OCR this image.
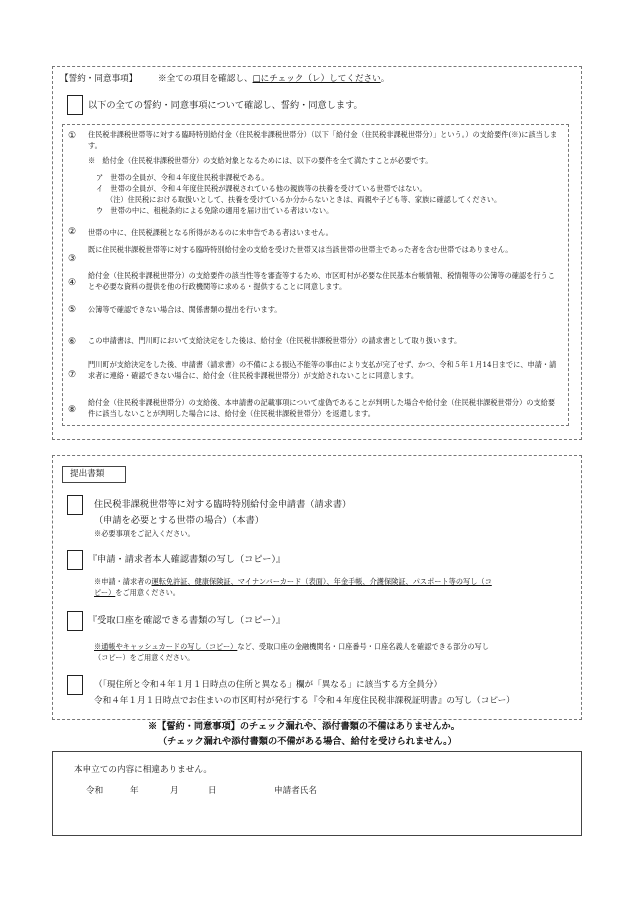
【誓約・同意事項】 ※全ての項目を確認し、□にチェック（レ）してください。
以下の全ての誓約・同意事項について確認し、誓約・同意します。
① 住民税非課税世帯等に対する臨時特別給付金（住民税非課税世帯分）（以下「給付金（住民税非課税世帯分）」という。）の支給要件(※)に該当します。
※　給付金（住民税非課税世帯分）の支給対象となるためには、以下の要件を全て満たすことが必要です。
ア　世帯の全員が、令和４年度住民税非課税である。
イ　世帯の全員が、令和４年度住民税が課税されている他の親族等の扶養を受けている世帯ではない。
（注）住民税における取扱いとして、扶養を受けているか分からないときは、両親や子ども等、家族に確認してください。
ウ　世帯の中に、租税条約による免除の適用を届け出ている者はいない。
② 世帯の中に、住民税課税となる所得があるのに未申告である者はいません。
③
既に住民税非課税世帯等に対する臨時特別給付金の支給を受けた世帯又は当該世帯の世帯主であった者を含む世帯ではありません。
④
給付金（住民税非課税世帯分）の支給要件の該当性等を審査等するため、市区町村が必要な住民基本台帳情報、税情報等の公簿等の確認を行うことや必要な資料の提供を他の行政機関等に求める・提供することに同意します。
⑤ 公簿等で確認できない場合は、関係書類の提出を行います。
⑥ この申請書は、門川町において支給決定をした後は、給付金（住民税非課税世帯分）の請求書として取り扱います。
⑦
門川町が支給決定をした後、申請書（請求書）の不備による振込不能等の事由により支払が完了せず、かつ、令和５年１月14日までに、申請・請求者に連絡・確認できない場合に、給付金（住民税非課税世帯分）が支給されないことに同意します。
⑧
給付金（住民税非課税世帯分）の支給後、本申請書の記載事項について虚偽であることが判明した場合や給付金（住民税非課税世帯分）の支給要件に該当しないことが判明した場合には、給付金（住民税非課税世帯分）を返還します。
提出書類
住民税非課税世帯等に対する臨時特別給付金申請書（請求書）
（申請を必要とする世帯の場合）（本書）
※必要事項をご記入ください。
『申請・請求者本人確認書類の写し（コピー）』
※申請・請求者の運転免許証、健康保険証、マイナンバーカード（表面）、年金手帳、介護保険証、パスポート等の写し（コ
ピー）をご用意ください。
『受取口座を確認できる書類の写し（コピー）』
※通帳やキャッシュカードの写し（コピー）など、受取口座の金融機関名・口座番号・口座名義人を確認できる部分の写し
（コピー）をご用意ください。
（「現住所と令和４年１月１日時点の住所と異なる」欄が「異なる」に該当する方全員分）
令和４年１月１日時点でお住まいの市区町村が発行する『令和４年度住民税非課税証明書』の写し（コピー）
※【誓約・同意事項】のチェック漏れや、添付書類の不備はありませんか。
（チェック漏れや添付書類の不備がある場合、給付を受けられません。）
本申立ての内容に相違ありません。
令和	年	月	日	申請者氏名
